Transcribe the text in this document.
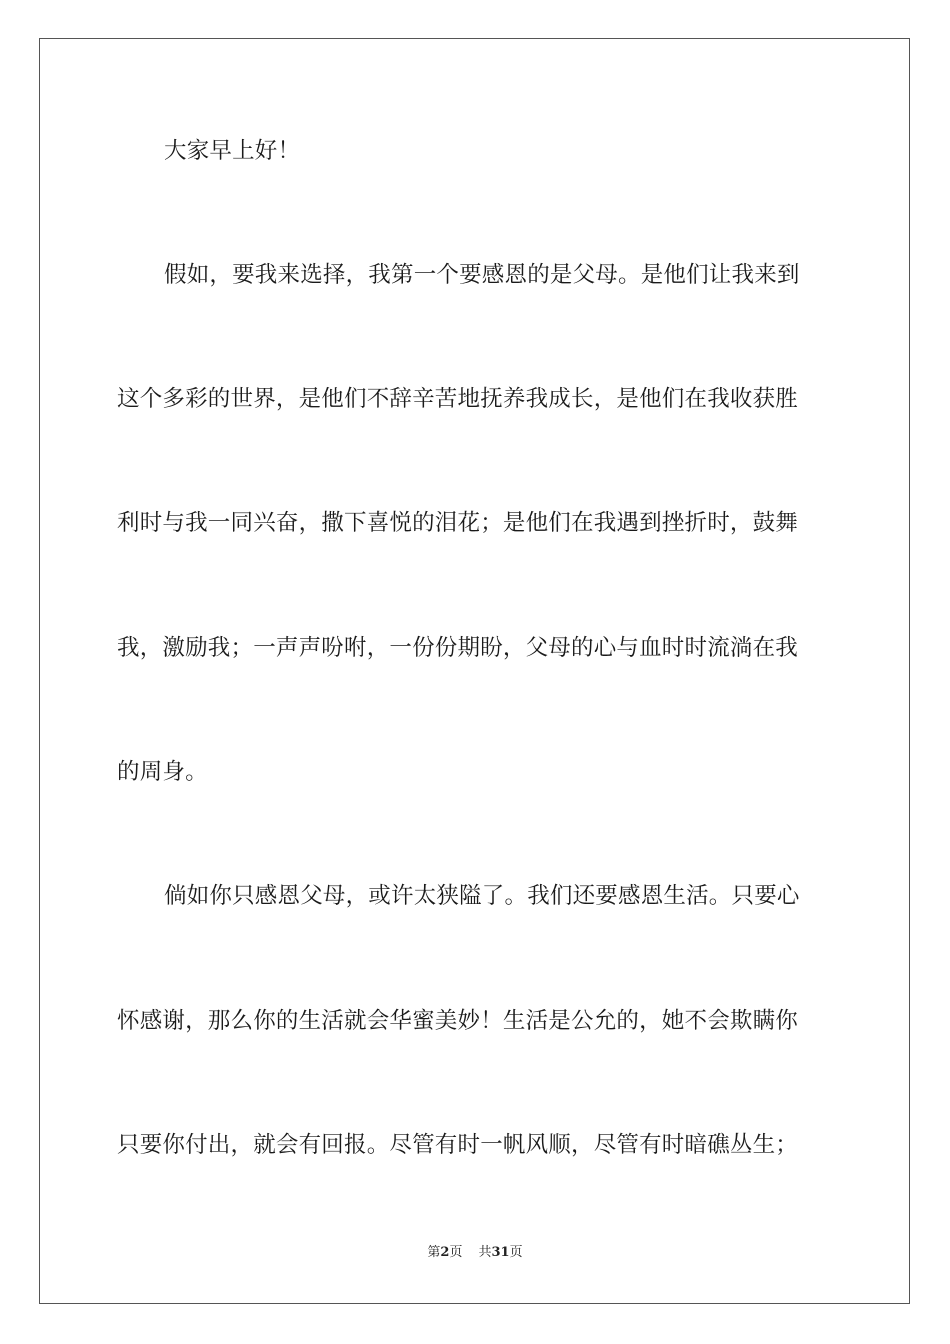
大家早上好！
假如，要我来选择，我第一个要感恩的是父母。是他们让我来到
这个多彩的世界，是他们不辞辛苦地抚养我成长，是他们在我收获胜
利时与我一同兴奋，撒下喜悦的泪花；是他们在我遇到挫折时，鼓舞
我，激励我；一声声吩咐，一份份期盼，父母的心与血时时流淌在我
的周身。
倘如你只感恩父母，或许太狭隘了。我们还要感恩生活。只要心
怀感谢，那么你的生活就会华蜜美妙！生活是公允的，她不会欺瞒你
只要你付出，就会有回报。尽管有时一帆风顺，尽管有时暗礁丛生；
第2页 共31页
